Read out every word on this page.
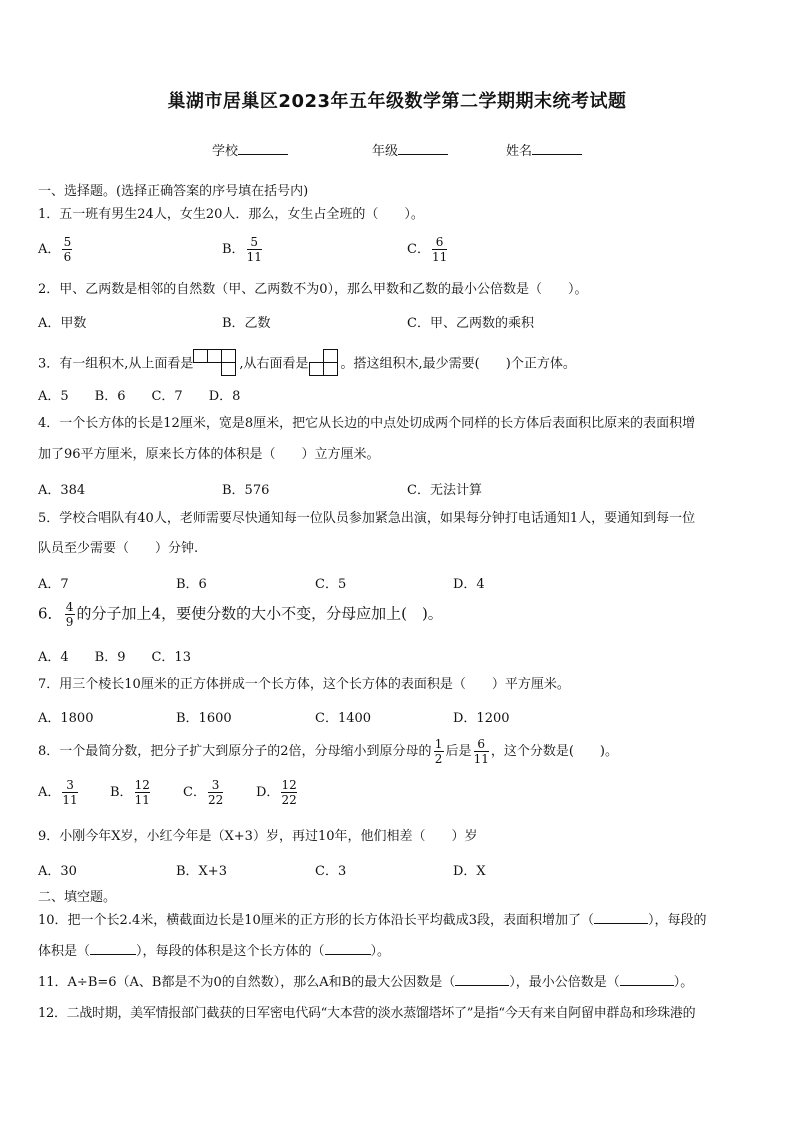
巢湖市居巢区2023年五年级数学第二学期期末统考试题
学校	年级	姓名
一、选择题。(选择正确答案的序号填在括号内)
1．五一班有男生24人，女生20人．那么，女生占全班的（　　）。
A． $\frac{5}{6}$	B． $\frac{5}{11}$	C． $\frac{6}{11}$
2．甲、乙两数是相邻的自然数（甲、乙两数不为0），那么甲数和乙数的最小公倍数是（　　）。
A．甲数	B．乙数	C．甲、乙两数的乘积
3．有一组积木,从上面看是	,从右面看是 。搭这组积木,最少需要(　　)个正方体。
A．5　　B．6　　C．7　　D．8
4．一个长方体的长是12厘米，宽是8厘米，把它从长边的中点处切成两个同样的长方体后表面积比原来的表面积增
加了96平方厘米，原来长方体的体积是（　　）立方厘米。
A．384	B．576	C．无法计算
5．学校合唱队有40人，老师需要尽快通知每一位队员参加紧急出演，如果每分钟打电话通知1人，要通知到每一位
队员至少需要（　　）分钟.
A．7	B．6	C．5	D．4
6． $\frac{4}{9}$ 的分子加上4，要使分数的大小不变，分母应加上(　)。
A．4　　B．9　　C．13
7．用三个棱长10厘米的正方体拼成一个长方体，这个长方体的表面积是（　　）平方厘米。
A．1800	B．1600	C．1400	D．1200
8．一个最简分数，把分子扩大到原分子的2倍，分母缩小到原分母的 $\frac{1}{2}$ 后是 $\frac{6}{11}$ ，这个分数是(　　)。
A． $\frac{3}{11}$ B． $\frac{12}{11}$	C． $\frac{3}{22}$	D． $\frac{12}{22}$
9．小刚今年X岁，小红今年是（X+3）岁，再过10年，他们相差（　　）岁
A．30	B．X+3	C．3	D．X
二、填空题。
10．把一个长2.4米，横截面边长是10厘米的正方形的长方体沿长平均截成3段，表面积增加了（	），每段的
体积是（	），每段的体积是这个长方体的（	）。
11．A÷B=6（A、B都是不为0的自然数），那么A和B的最大公因数是（	），最小公倍数是（	）。
12．二战时期，美军情报部门截获的日军密电代码“大本营的淡水蒸馏塔坏了”是指“今天有来自阿留申群岛和珍珠港的
